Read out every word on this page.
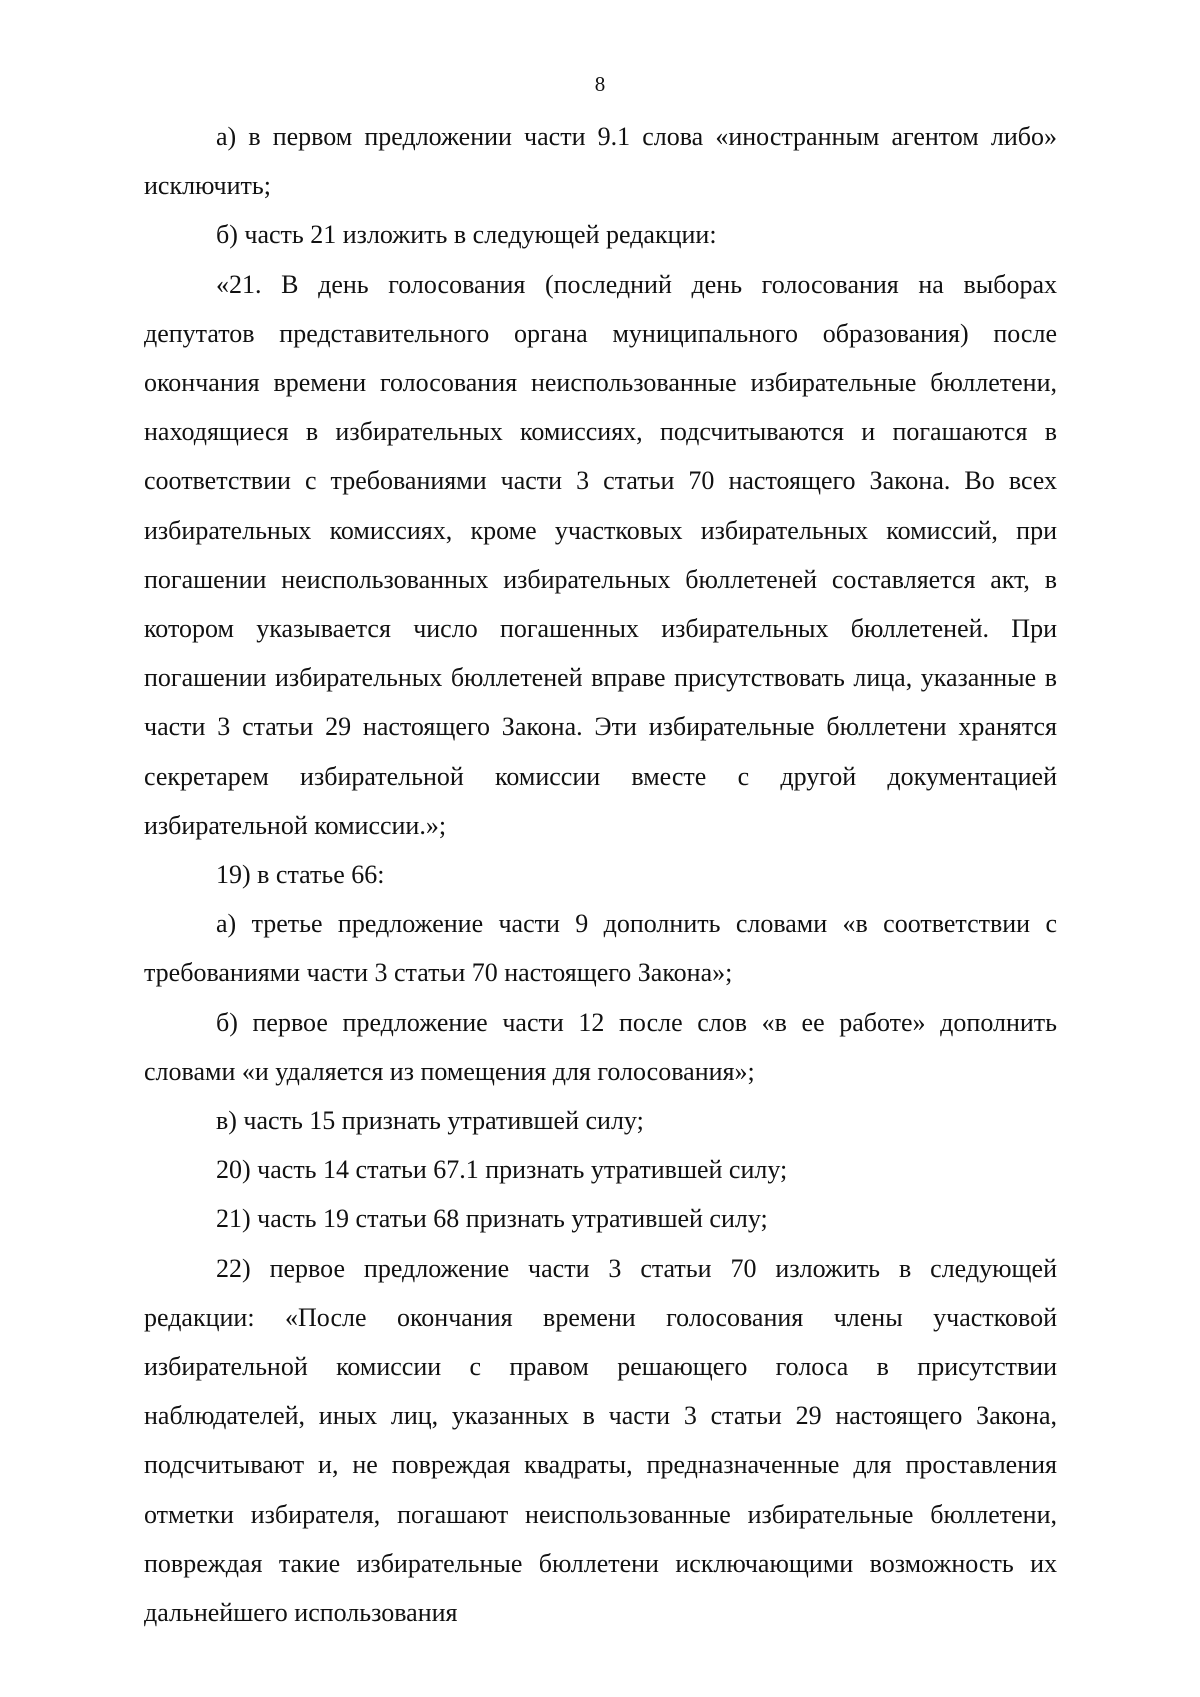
8

а) в первом предложении части 9.1 слова «иностранным агентом либо» исключить;

б) часть 21 изложить в следующей редакции:

«21. В день голосования (последний день голосования на выборах депутатов представительного органа муниципального образования) после окончания времени голосования неиспользованные избирательные бюллетени, находящиеся в избирательных комиссиях, подсчитываются и погашаются в соответствии с требованиями части 3 статьи 70 настоящего Закона. Во всех избирательных комиссиях, кроме участковых избирательных комиссий, при погашении неиспользованных избирательных бюллетеней составляется акт, в котором указывается число погашенных избирательных бюллетеней. При погашении избирательных бюллетеней вправе присутствовать лица, указанные в части 3 статьи 29 настоящего Закона. Эти избирательные бюллетени хранятся секретарем избирательной комиссии вместе с другой документацией избирательной комиссии.»;

19) в статье 66:

а) третье предложение части 9 дополнить словами «в соответствии с требованиями части 3 статьи 70 настоящего Закона»;

б) первое предложение части 12 после слов «в ее работе» дополнить словами «и удаляется из помещения для голосования»;

в) часть 15 признать утратившей силу;

20) часть 14 статьи 67.1 признать утратившей силу;

21) часть 19 статьи 68 признать утратившей силу;

22) первое предложение части 3 статьи 70 изложить в следующей редакции: «После окончания времени голосования члены участковой избирательной комиссии с правом решающего голоса в присутствии наблюдателей, иных лиц, указанных в части 3 статьи 29 настоящего Закона, подсчитывают и, не повреждая квадраты, предназначенные для проставления отметки избирателя, погашают неиспользованные избирательные бюллетени, повреждая такие избирательные бюллетени исключающими возможность их дальнейшего использования
